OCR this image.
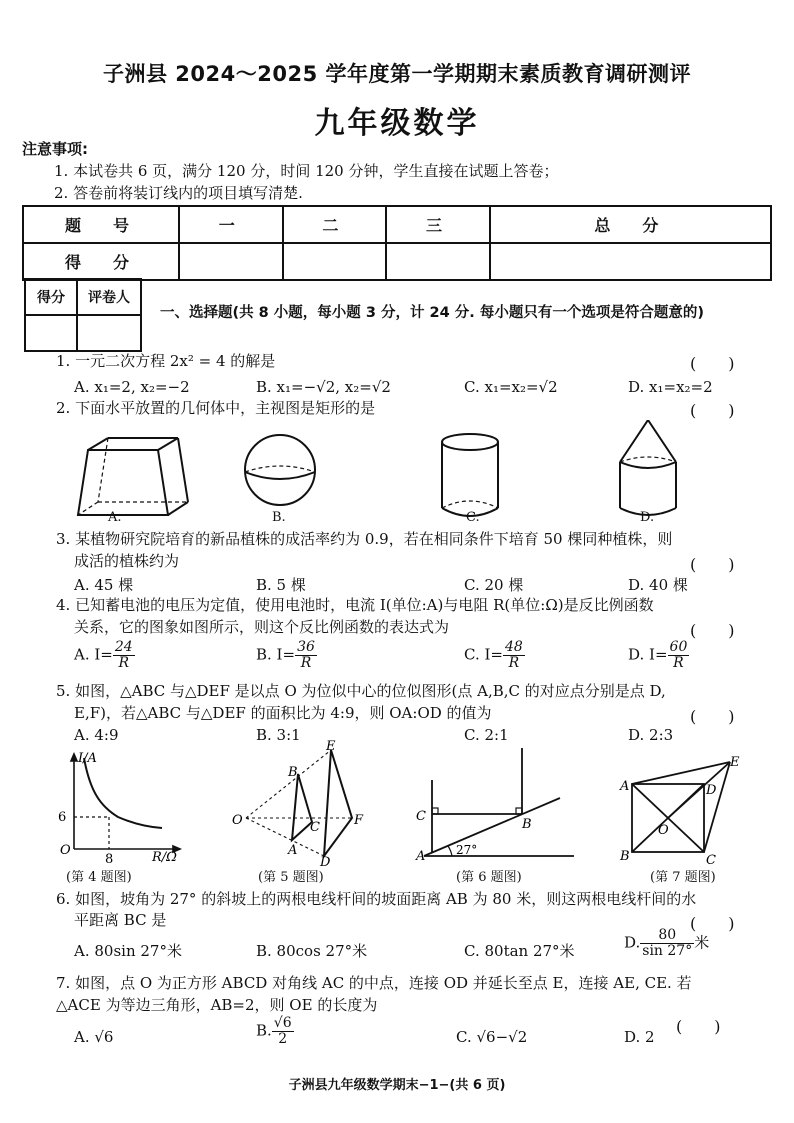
子洲县 2024～2025 学年度第一学期期末素质教育调研测评
九年级数学
注意事项:
1. 本试卷共 6 页，满分 120 分，时间 120 分钟，学生直接在试题上答卷；
2. 答卷前将装订线内的项目填写清楚.
题　号	一	二	三	总　分
得　分				
得分	评卷人

一、选择题(共 8 小题，每小题 3 分，计 24 分. 每小题只有一个选项是符合题意的)
1. 一元二次方程 2x² = 4 的解是	(　　)
A. x₁=2, x₂=−2	B. x₁=−√2, x₂=√2	C. x₁=x₂=√2	D. x₁=x₂=2
2. 下面水平放置的几何体中，主视图是矩形的是	(　　)
A.	B.	C.	D.
3. 某植物研究院培育的新品植株的成活率约为 0.9，若在相同条件下培育 50 棵同种植株，则
成活的植株约为	(　　)
A. 45 棵	B. 5 棵	C. 20 棵	D. 40 棵
4. 已知蓄电池的电压为定值，使用电池时，电流 I(单位:A)与电阻 R(单位:Ω)是反比例函数
关系，它的图象如图所示，则这个反比例函数的表达式为	(　　)
A. $I= \frac{24}{R}$	B. $I= \frac{36}{R}$	C. $I= \frac{48}{R}$	D. $I= \frac{60}{R}$
5. 如图，△ABC 与△DEF 是以点 O 为位似中心的位似图形(点 A,B,C 的对应点分别是点 D,
E,F)，若△ABC 与△DEF 的面积比为 4:9，则 OA:OD 的值为	(　　)
A. 4:9	B. 3:1	C. 2:1	D. 2:3
I/A
6
O
8	R/Ω
(第 4 题图)
O
A
B
C
D
E
F
(第 5 题图)
A
B
C
27°
(第 6 题图)
A
B	C
D
E
O
(第 7 题图)
6. 如图，坡角为 27° 的斜坡上的两根电线杆间的坡面距离 AB 为 80 米，则这两根电线杆间的水
平距离 BC 是	(　　)
A. 80sin 27°米	B. 80cos 27°米	C. 80tan 27°米	D. $\frac{80}{\sin 27^\circ}$ 米
7. 如图，点 O 为正方形 ABCD 对角线 AC 的中点，连接 OD 并延长至点 E，连接 AE, CE. 若
△ACE 为等边三角形，AB=2，则 OE 的长度为
(　　)
A. √6	B. $\frac{√6}{2}$	C. √6−√2	D. 2
子洲县九年级数学期末−1−(共 6 页)
